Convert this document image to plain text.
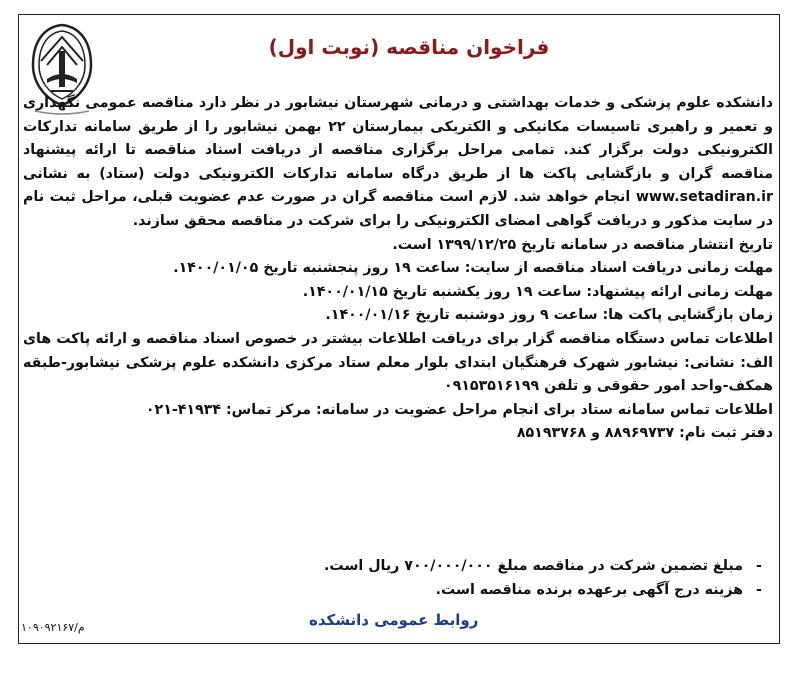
فراخوان مناقصه (نوبت اول)

دانشکده علوم پزشکی و خدمات بهداشتی و درمانی شهرستان نیشابور در نظر دارد مناقصه عمومی نگهداری و تعمیر و راهبری تاسیسات مکانیکی و الکتریکی بیمارستان ۲۲ بهمن نیشابور را از طریق سامانه تدارکات الکترونیکی دولت برگزار کند. تمامی مراحل برگزاری مناقصه از دریافت اسناد مناقصه تا ارائه پیشنهاد مناقصه گران و بازگشایی پاکت ها از طریق درگاه سامانه تدارکات الکترونیکی دولت (ستاد) به نشانی www.setadiran.ir انجام خواهد شد. لازم است مناقصه گران در صورت عدم عضویت قبلی، مراحل ثبت نام در سایت مذکور و دریافت گواهی امضای الکترونیکی را برای شرکت در مناقصه محقق سازند.

تاریخ انتشار مناقصه در سامانه تاریخ ۱۳۹۹/۱۲/۲۵ است.

مهلت زمانی دریافت اسناد مناقصه از سایت: ساعت ۱۹ روز پنجشنبه تاریخ ۱۴۰۰/۰۱/۰۵.

مهلت زمانی ارائه پیشنهاد: ساعت ۱۹ روز یکشنبه تاریخ ۱۴۰۰/۰۱/۱۵.

زمان بازگشایی پاکت ها: ساعت ۹ روز دوشنبه تاریخ ۱۴۰۰/۰۱/۱۶.

اطلاعات تماس دستگاه مناقصه گزار برای دریافت اطلاعات بیشتر در خصوص اسناد مناقصه و ارائه پاکت های الف: نشانی: نیشابور شهرک فرهنگیان ابتدای بلوار معلم ستاد مرکزی دانشکده علوم پزشکی نیشابور-طبقه همکف-واحد امور حقوقی و تلفن ۰۹۱۵۳۵۱۶۱۹۹

اطلاعات تماس سامانه ستاد برای انجام مراحل عضویت در سامانه: مرکز تماس: ۴۱۹۳۴-۰۲۱

دفتر ثبت نام: ۸۸۹۶۹۷۳۷ و ۸۵۱۹۳۷۶۸

-
مبلغ تضمین شرکت در مناقصه مبلغ ۷۰۰/۰۰۰/۰۰۰ ریال است.
-
هزینه درج آگهی برعهده برنده مناقصه است.
روابط عمومی دانشکده
۱۰۹۰۹۲۱۶۷/م
